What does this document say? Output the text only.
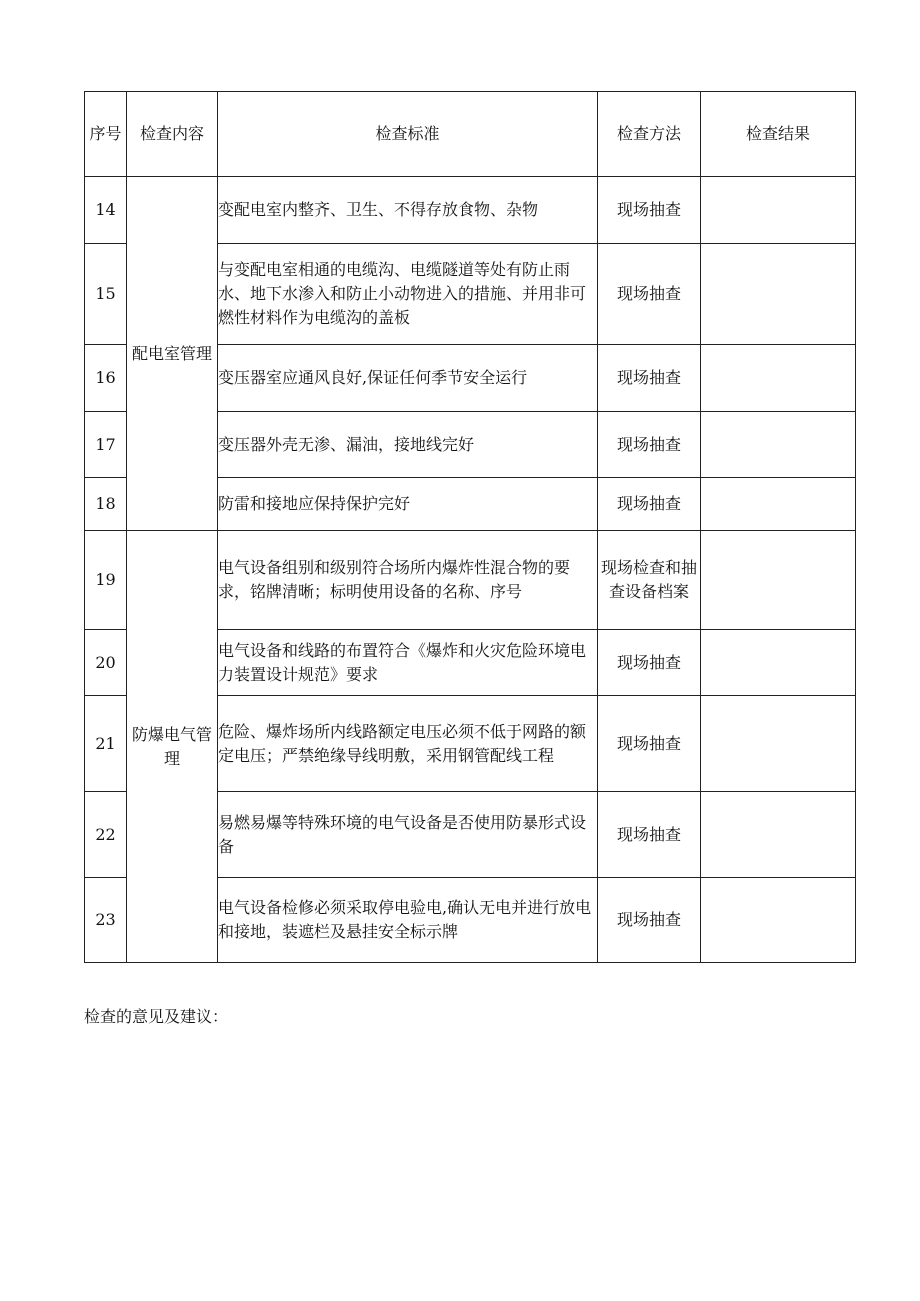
序号	检查内容	检查标准	检查方法	检查结果
14	配电室管理	变配电室内整齐、卫生、不得存放食物、杂物	现场抽查	
15		与变配电室相通的电缆沟、电缆隧道等处有防止雨水、地下水渗入和防止小动物进入的措施、并用非可燃性材料作为电缆沟的盖板	现场抽查	
16		变压器室应通风良好,保证任何季节安全运行	现场抽查	
17		变压器外壳无渗、漏油，接地线完好	现场抽查	
18		防雷和接地应保持保护完好	现场抽查	
19	防爆电气管理	电气设备组别和级别符合场所内爆炸性混合物的要求，铭牌清晰；标明使用设备的名称、序号	现场检查和抽查设备档案	
20		电气设备和线路的布置符合《爆炸和火灾危险环境电力装置设计规范》要求	现场抽查	
21		危险、爆炸场所内线路额定电压必须不低于网路的额定电压；严禁绝缘导线明敷，采用钢管配线工程	现场抽查	
22		易燃易爆等特殊环境的电气设备是否使用防暴形式设备	现场抽查	
23		电气设备检修必须采取停电验电,确认无电并进行放电和接地，装遮栏及悬挂安全标示牌	现场抽查	
检查的意见及建议：
